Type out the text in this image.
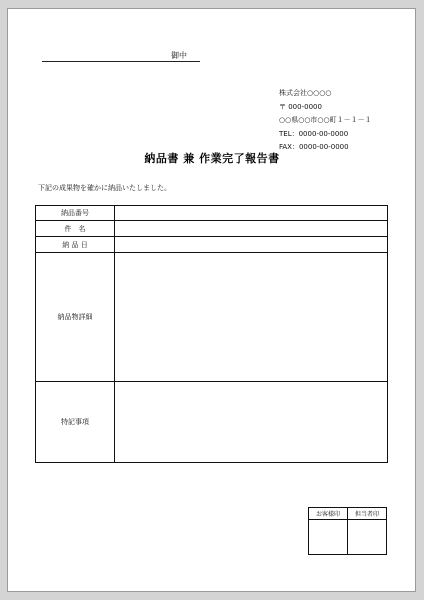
御中
株式会社○○○○
〒 000-0000
○○県○○市○○町１－１－１
TEL：0000-00-0000
FAX：0000-00-0000
納品書 兼 作業完了報告書
下記の成果物を確かに納品いたしました。
納品番号	
件　名	
納 品 日	
納品物詳細	
特記事項	
お客様印	担当者印
